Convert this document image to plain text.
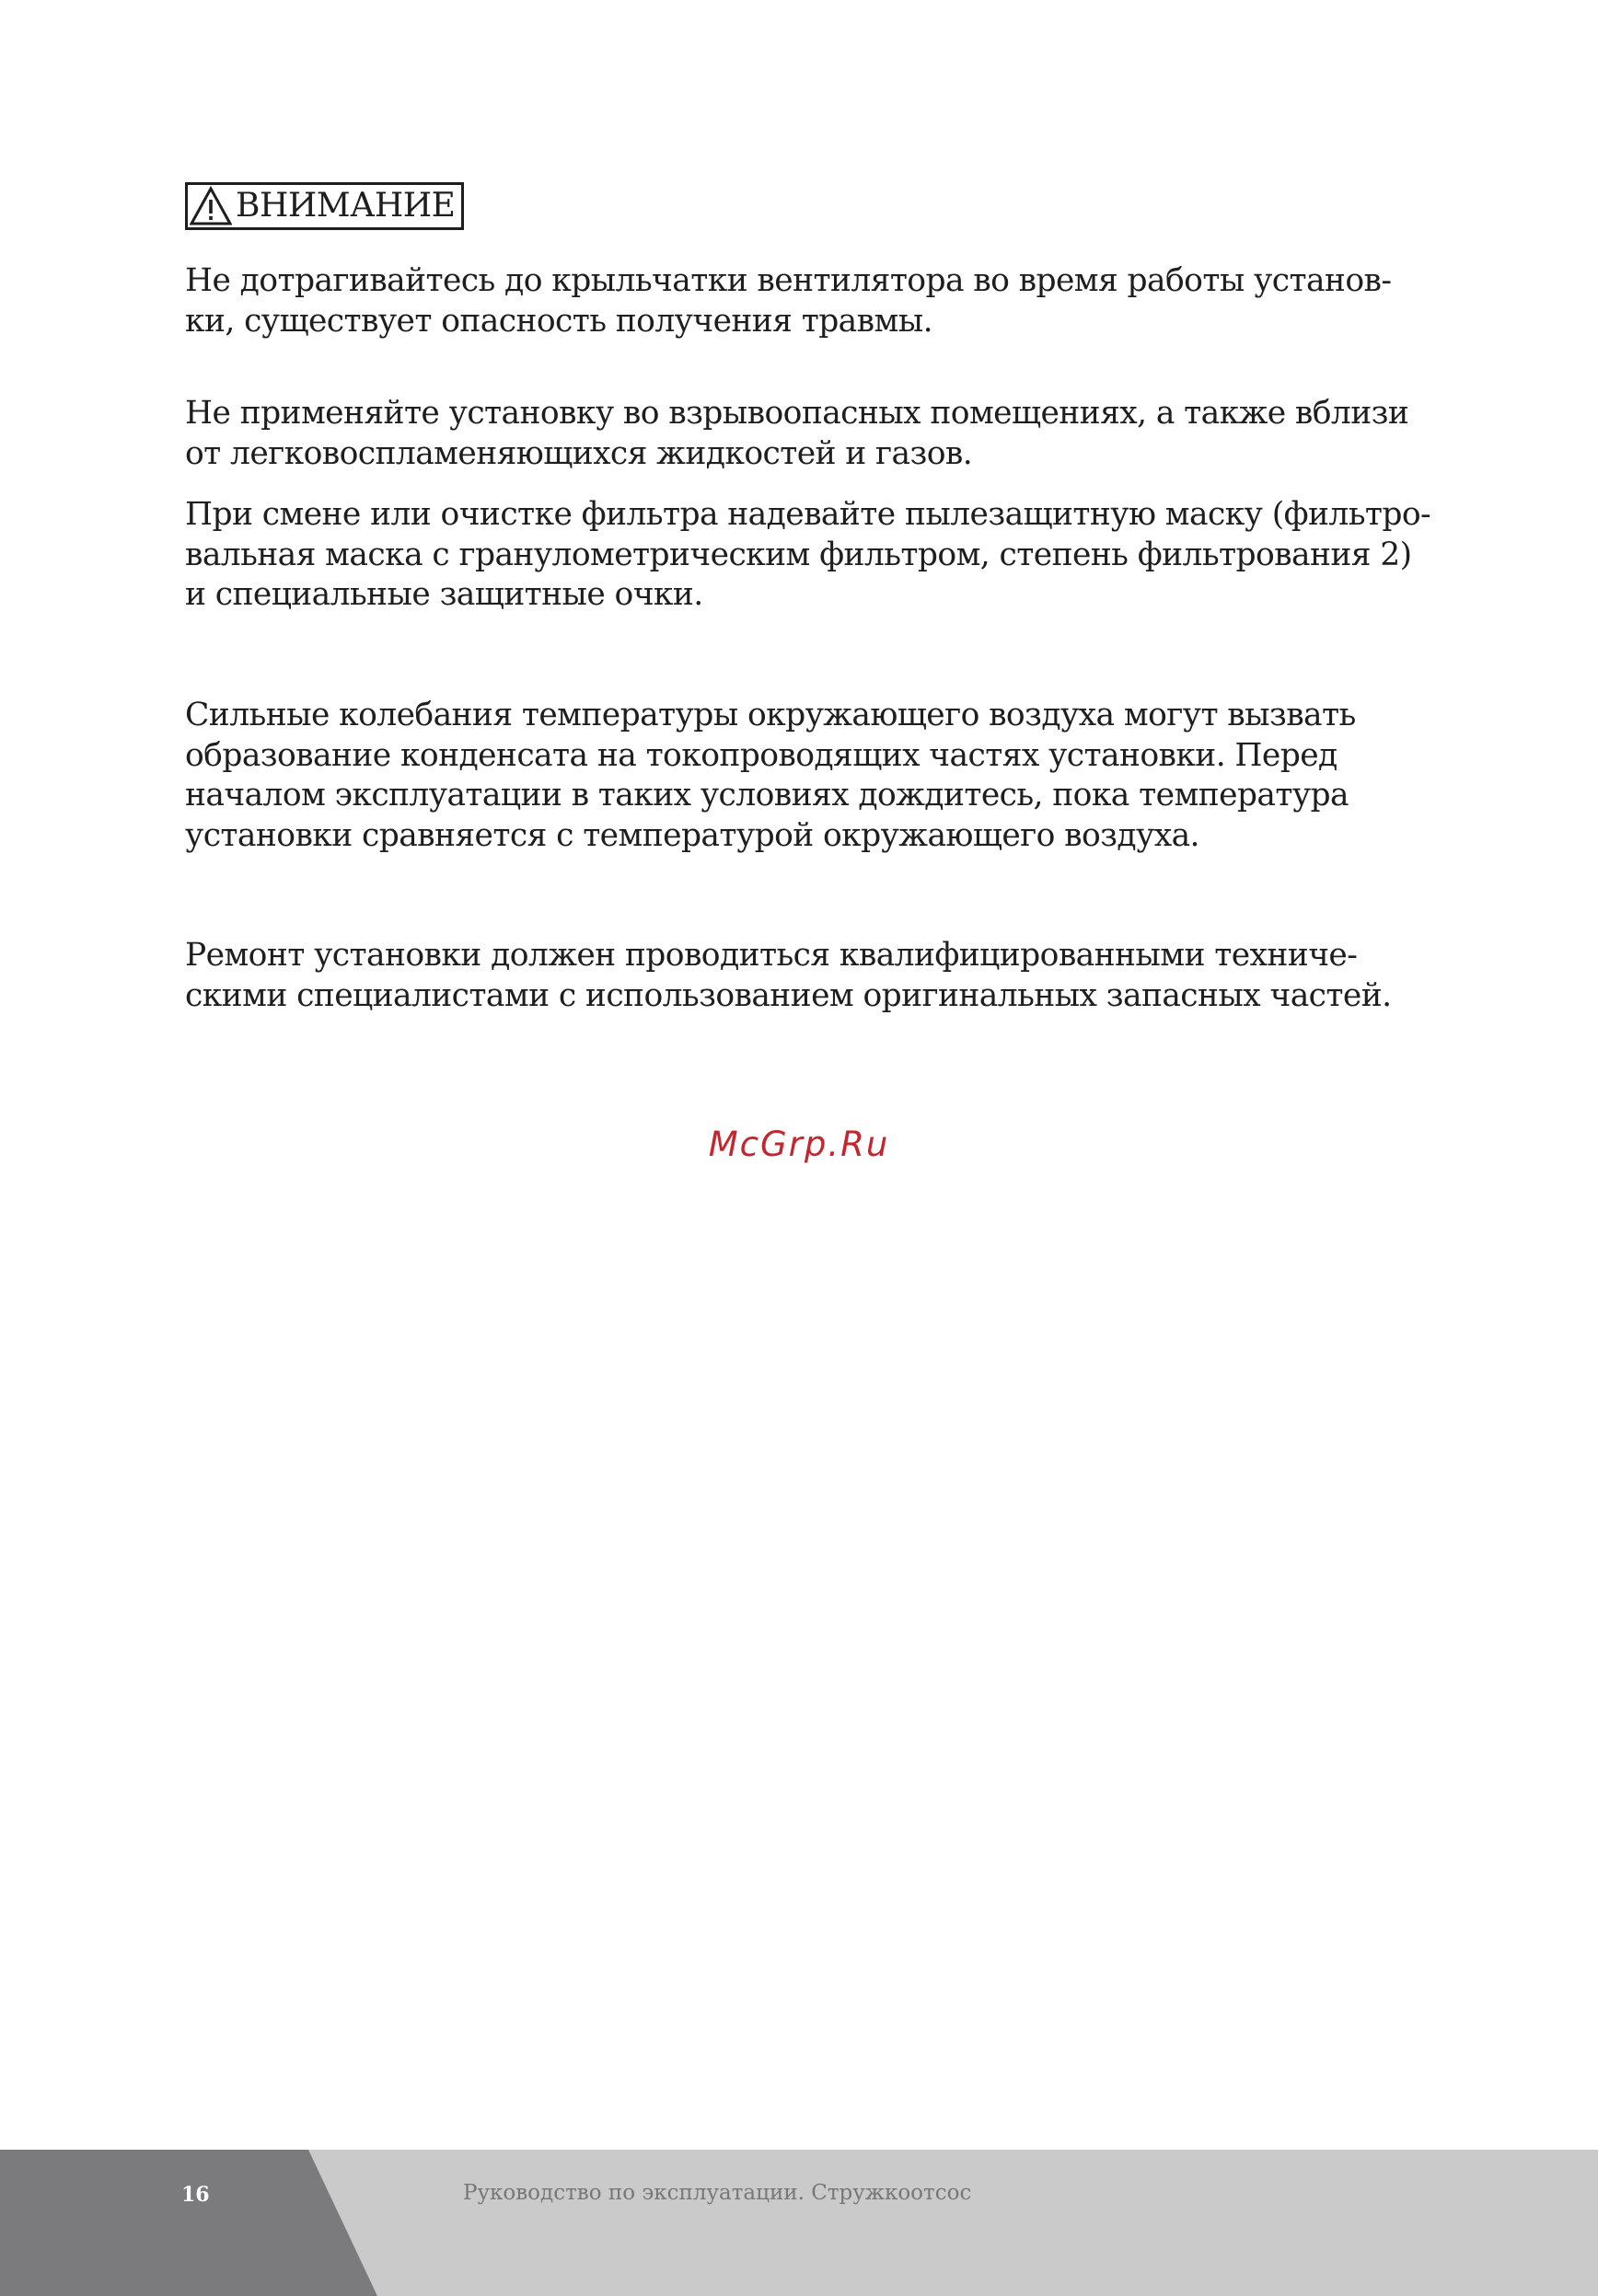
ВНИМАНИЕ

Не дотрагивайтесь до крыльчатки вентилятора во время работы установ-
ки, существует опасность получения травмы.

Не применяйте установку во взрывоопасных помещениях, а также вблизи
от легковоспламеняющихся жидкостей и газов.

При смене или очистке фильтра надевайте пылезащитную маску (фильтро-
вальная маска с гранулометрическим фильтром, степень фильтрования 2)
и специальные защитные очки.

Сильные колебания температуры окружающего воздуха могут вызвать
образование конденсата на токопроводящих частях установки. Перед
началом эксплуатации в таких условиях дождитесь, пока температура
установки сравняется с температурой окружающего воздуха.

Ремонт установки должен проводиться квалифицированными техниче-
скими специалистами с использованием оригинальных запасных частей.

McGrp.Ru
16	Руководство по эксплуатации. Стружкоотсос
